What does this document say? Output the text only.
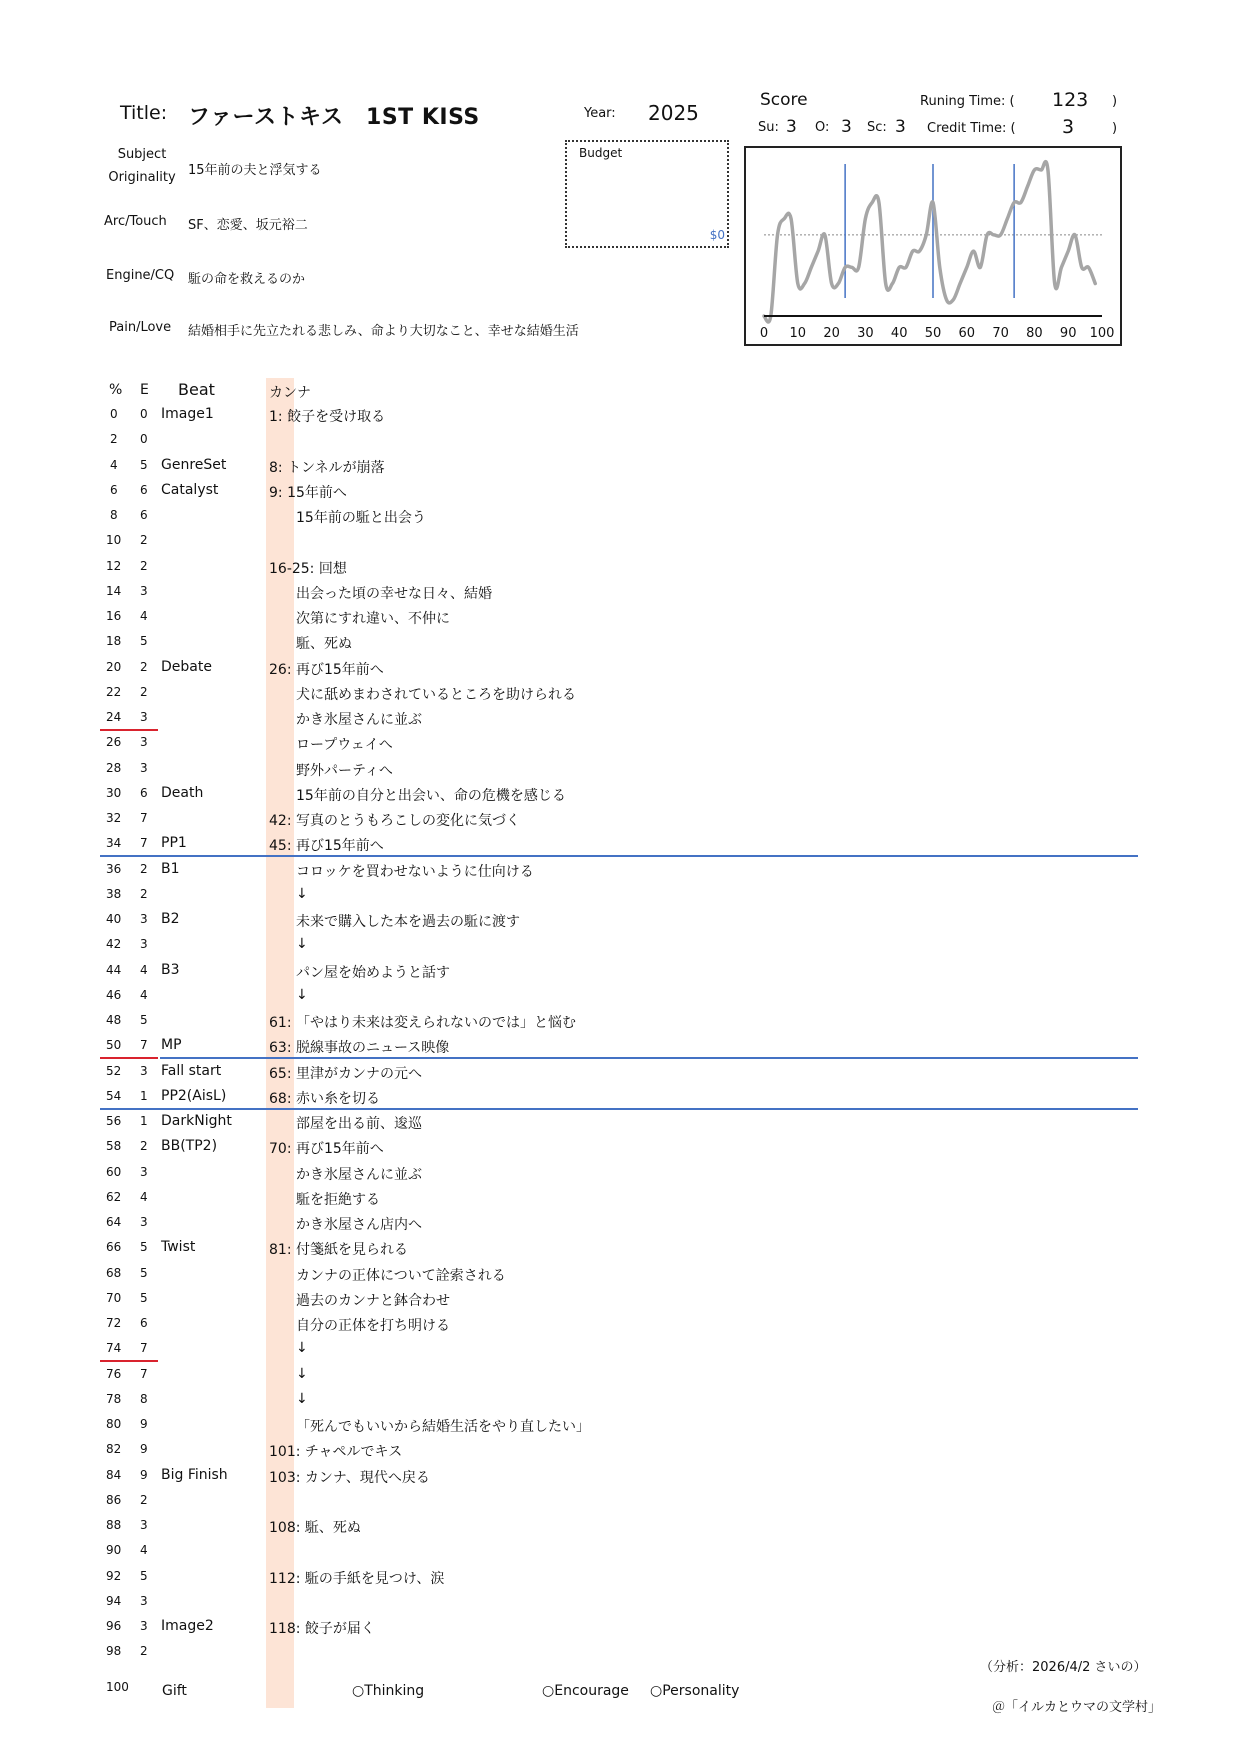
Title: ファーストキス　1ST KISS	Year: 2025
Subject
Originality 15年前の夫と浮気する
Arc/Touch SF、恋愛、坂元裕二
Engine/CQ 駈の命を救えるのか
Pain/Love 結婚相手に先立たれる悲しみ、命より大切なこと、幸せな結婚生活
Budget
$0
Score
Su: 3 O: 3 Sc: 3
Runing Time: ( 123 )
Credit Time: ( 3	)
0 10 20 30 40 50 60 70 80 90 100
% E Beat	カンナ
0 0 Image1	1: 餃子を受け取る
2 0
4 5 GenreSet	8: トンネルが崩落
6 6 Catalyst	9: 15年前へ
8 6	15年前の駈と出会う
10 2
12 2	16-25: 回想
14 3	出会った頃の幸せな日々、結婚
16 4	次第にすれ違い、不仲に
18 5	駈、死ぬ
20 2 Debate	26: 再び15年前へ
22 2	犬に舐めまわされているところを助けられる
24 3	かき氷屋さんに並ぶ
26 3	ロープウェイへ
28 3	野外パーティへ
30 6 Death	15年前の自分と出会い、命の危機を感じる
32 7	42: 写真のとうもろこしの変化に気づく
34 7 PP1	45: 再び15年前へ
36 2 B1	コロッケを買わせないように仕向ける
38 2	↓
40 3 B2	未来で購入した本を過去の駈に渡す
42 3	↓
44 4 B3	パン屋を始めようと話す
46 4	↓
48 5	61: 「やはり未来は変えられないのでは」と悩む
50 7 MP	63: 脱線事故のニュース映像
52 3 Fall start	65: 里津がカンナの元へ
54 1 PP2(AisL)	68: 赤い糸を切る
56 1 DarkNight	部屋を出る前、逡巡
58 2 BB(TP2)	70: 再び15年前へ
60 3	かき氷屋さんに並ぶ
62 4	駈を拒絶する
64 3	かき氷屋さん店内へ
66 5 Twist	81: 付箋紙を見られる
68 5	カンナの正体について詮索される
70 5	過去のカンナと鉢合わせ
72 6	自分の正体を打ち明ける
74 7	↓
76 7	↓
78 8	↓
80 9	「死んでもいいから結婚生活をやり直したい」
82 9	101: チャペルでキス
84 9 Big Finish	103: カンナ、現代へ戻る
86 2
88 3	108: 駈、死ぬ
90 4
92 5	112: 駈の手紙を見つけ、涙
94 3
96 3 Image2	118: 餃子が届く
98 2
100 Gift	○Thinking	○Encourage ○Personality
（分析：2026/4/2 さいの）
＠「イルカとウマの文学村」
